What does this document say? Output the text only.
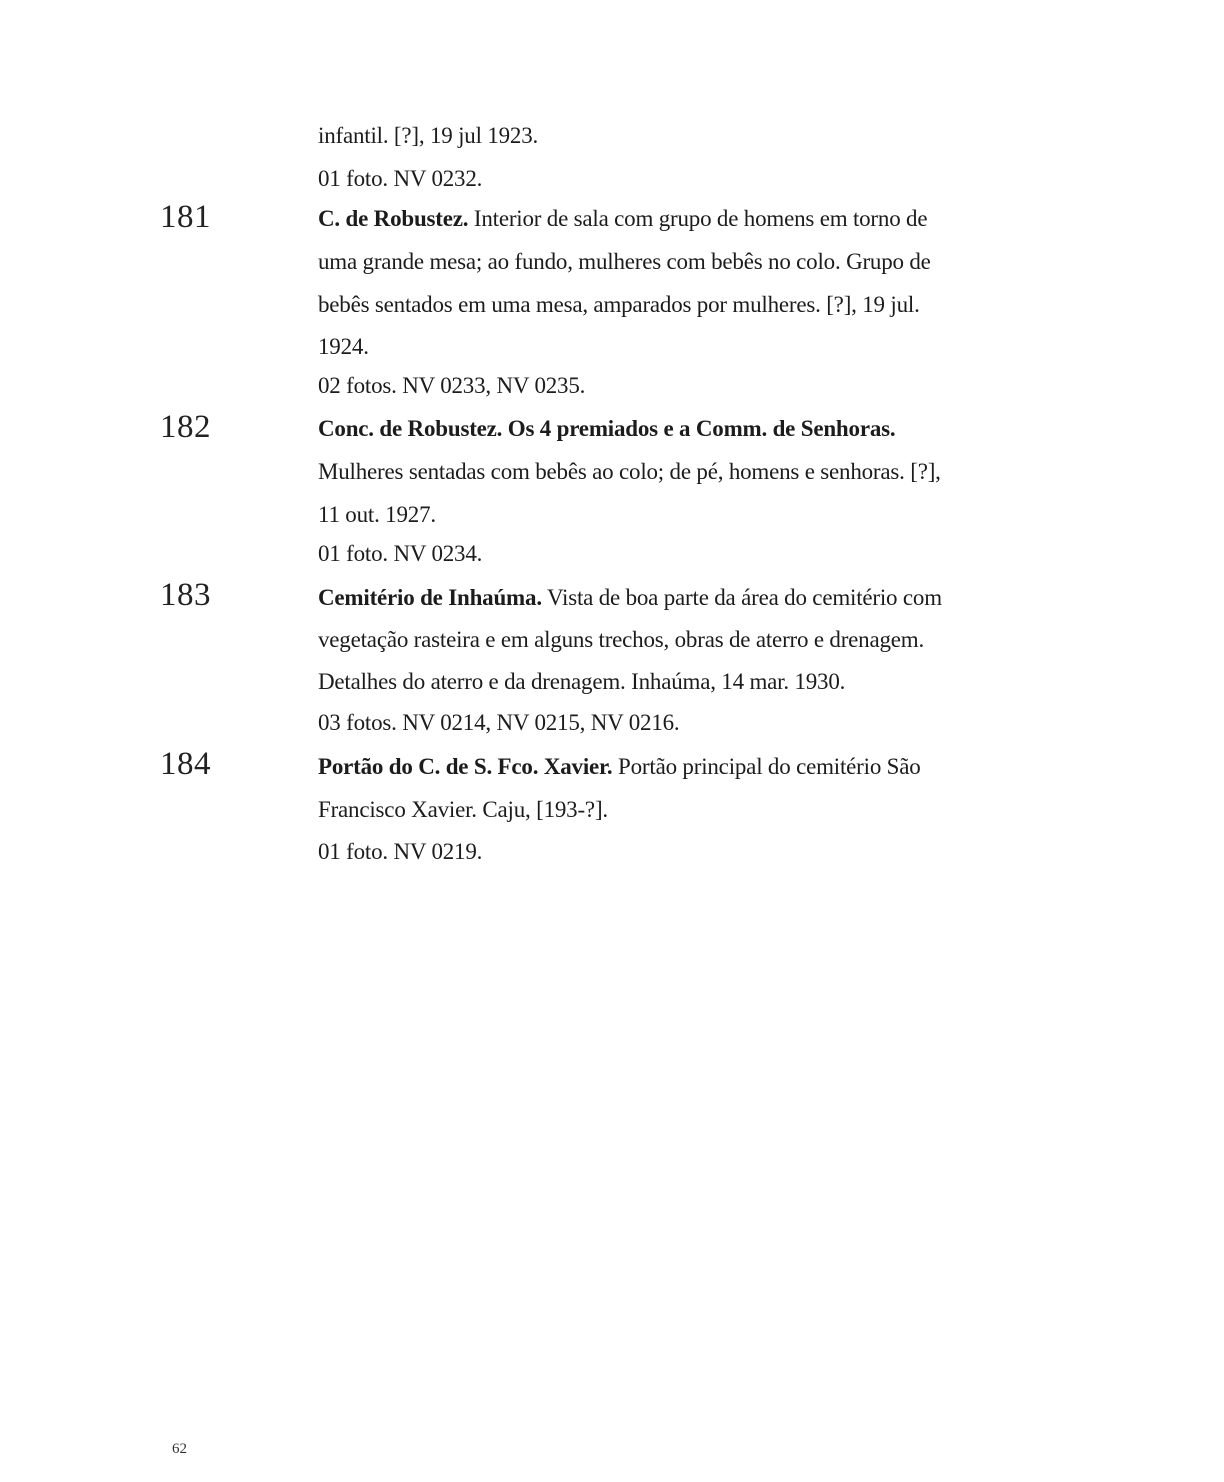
infantil. [?], 19 jul 1923.
01 foto. NV 0232.
181	C. de Robustez. Interior de sala com grupo de homens em torno de
uma grande mesa; ao fundo, mulheres com bebês no colo. Grupo de
bebês sentados em uma mesa, amparados por mulheres. [?], 19 jul.
1924.
02 fotos. NV 0233, NV 0235.
182	Conc. de Robustez. Os 4 premiados e a Comm. de Senhoras.
Mulheres sentadas com bebês ao colo; de pé, homens e senhoras. [?],
11 out. 1927.
01 foto. NV 0234.
183	Cemitério de Inhaúma. Vista de boa parte da área do cemitério com
vegetação rasteira e em alguns trechos, obras de aterro e drenagem.
Detalhes do aterro e da drenagem. Inhaúma, 14 mar. 1930.
03 fotos. NV 0214, NV 0215, NV 0216.
184	Portão do C. de S. Fco. Xavier. Portão principal do cemitério São
Francisco Xavier. Caju, [193-?].
01 foto. NV 0219.
62
